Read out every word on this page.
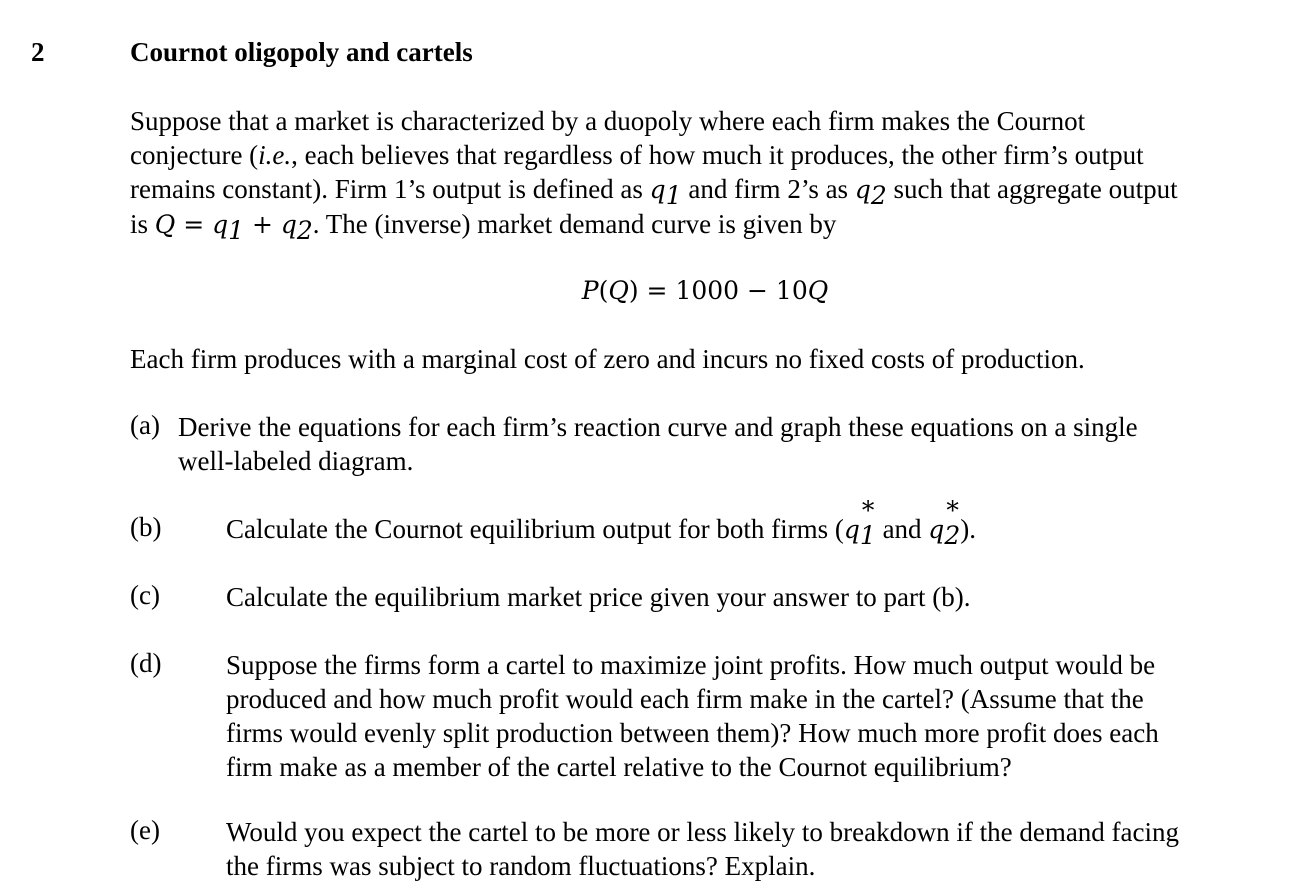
2	Cournot oligopoly and cartels
Suppose that a market is characterized by a duopoly where each firm makes the Cournot
conjecture (i.e., each believes that regardless of how much it produces, the other firm’s output
remains constant). Firm 1’s output is defined as $q_1$ and firm 2’s as $q_2$ such that aggregate output
is $Q = q_1 + q_2$. The (inverse) market demand curve is given by
P(Q) = 1000 − 10Q
Each firm produces with a marginal cost of zero and incurs no fixed costs of production.
(a) Derive the equations for each firm’s reaction curve and graph these equations on a single
well-labeled diagram.
(b) Calculate the Cournot equilibrium output for both firms ($q_1$
*
and $q_2$
*
).
(c) Calculate the equilibrium market price given your answer to part (b).
(d) Suppose the firms form a cartel to maximize joint profits. How much output would be
produced and how much profit would each firm make in the cartel? (Assume that the
firms would evenly split production between them)? How much more profit does each
firm make as a member of the cartel relative to the Cournot equilibrium?
(e) Would you expect the cartel to be more or less likely to breakdown if the demand facing
the firms was subject to random fluctuations? Explain.
